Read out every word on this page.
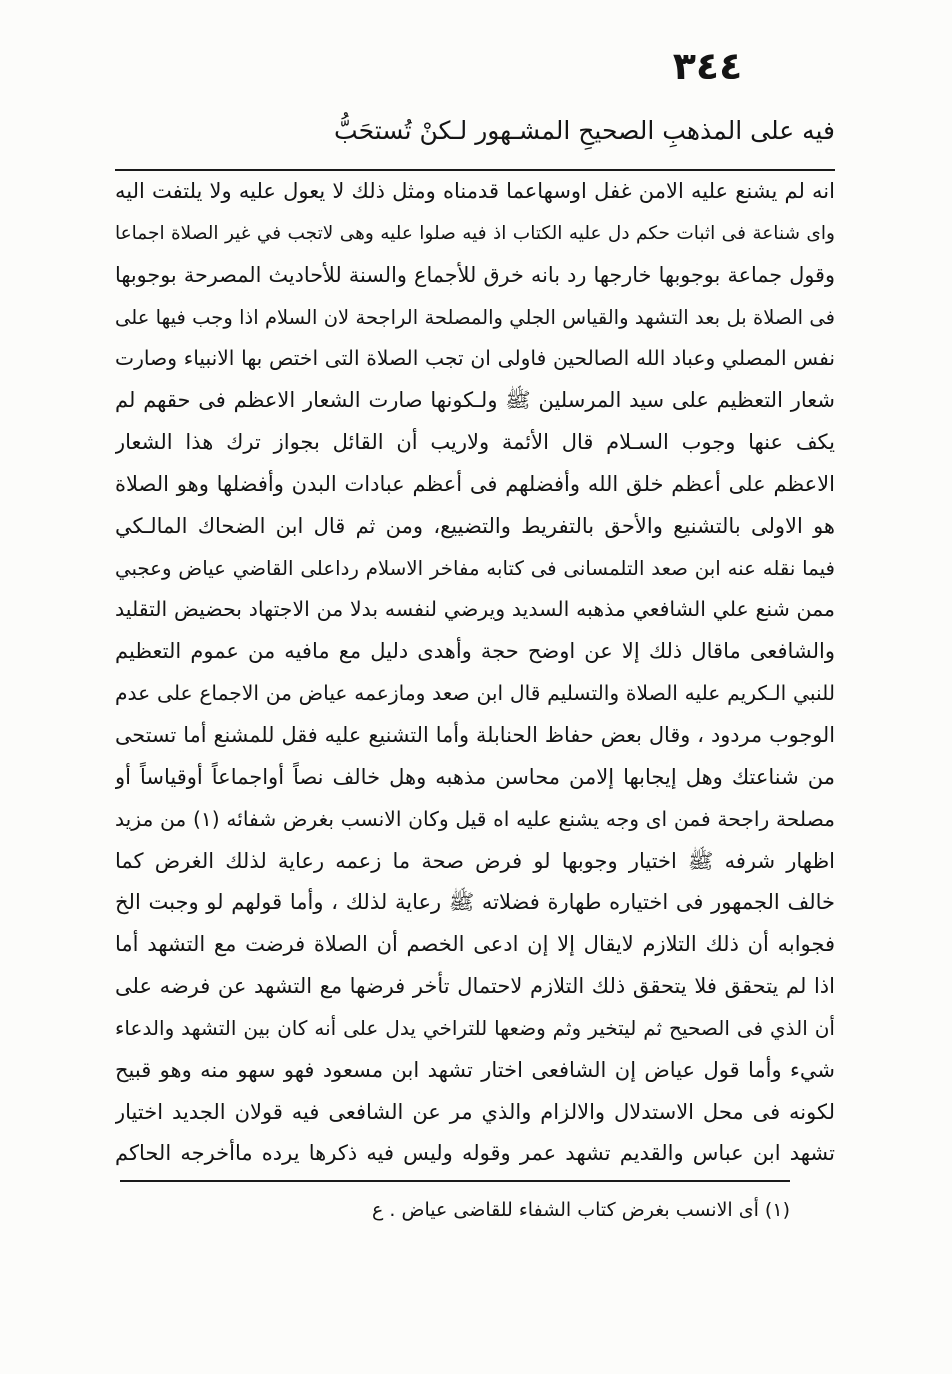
٣٤٤
فيه على المذهبِ الصحيحِ المشـهور لـكنْ تُستحَبُّ
انه لم يشنع عليه الامن غفل اوسهاعما قدمناه ومثل ذلك لا يعول عليه ولا يلتفت اليه
واى شناعة فى اثبات حكم دل عليه الكتاب اذ فيه صلوا عليه وهى لاتجب في غير الصلاة اجماعا
وقول جماعة بوجوبها خارجها رد بانه خرق للأجماع والسنة للأحاديث المصرحة بوجوبها
فى الصلاة بل بعد التشهد والقياس الجلي والمصلحة الراجحة لان السلام اذا وجب فيها على
نفس المصلي وعباد الله الصالحين فاولى ان تجب الصلاة التى اختص بها الانبياء وصارت
شعار التعظيم على سيد المرسلين ﷺ ولـكونها صارت الشعار الاعظم فى حقهم لم
يكف عنها وجوب السـلام قال الأئمة ولاريب أن القائل بجواز ترك هذا الشعار
الاعظم على أعظم خلق الله وأفضلهم فى أعظم عبادات البدن وأفضلها وهو الصلاة
هو الاولى بالتشنيع والأحق بالتفريط والتضييع، ومن ثم قال ابن الضحاك المالـكي
فيما نقله عنه ابن صعد التلمسانى فى كتابه مفاخر الاسلام رداعلى القاضي عياض وعجبي
ممن شنع علي الشافعي مذهبه السديد ويرضي لنفسه بدلا من الاجتهاد بحضيض التقليد
والشافعى ماقال ذلك إلا عن اوضح حجة وأهدى دليل مع مافيه من عموم التعظيم
للنبي الـكريم عليه الصلاة والتسليم قال ابن صعد ومازعمه عياض من الاجماع على عدم
الوجوب مردود ، وقال بعض حفاظ الحنابلة وأما التشنيع عليه فقل للمشنع أما تستحى
من شناعتك وهل إيجابها إلامن محاسن مذهبه وهل خالف نصاً أواجماعاً أوقياساً أو
مصلحة راجحة فمن اى وجه يشنع عليه اه قيل وكان الانسب بغرض شفائه (١) من مزيد
اظهار شرفه ﷺ اختيار وجوبها لو فرض صحة ما زعمه رعاية لذلك الغرض كما
خالف الجمهور فى اختياره طهارة فضلاته ﷺ رعاية لذلك ، وأما قولهم لو وجبت الخ
فجوابه أن ذلك التلازم لايقال إلا إن ادعى الخصم أن الصلاة فرضت مع التشهد أما
اذا لم يتحقق فلا يتحقق ذلك التلازم لاحتمال تأخر فرضها مع التشهد عن فرضه على
أن الذي فى الصحيح ثم ليتخير وثم وضعها للتراخي يدل على أنه كان بين التشهد والدعاء
شيء وأما قول عياض إن الشافعى اختار تشهد ابن مسعود فهو سهو منه وهو قبيح
لكونه فى محل الاستدلال والالزام والذي مر عن الشافعى فيه قولان الجديد اختيار
تشهد ابن عباس والقديم تشهد عمر وقوله وليس فيه ذكرها يرده ماأخرجه الحاكم
(١) أى الانسب بغرض كتاب الشفاء للقاضى عياض . ع
